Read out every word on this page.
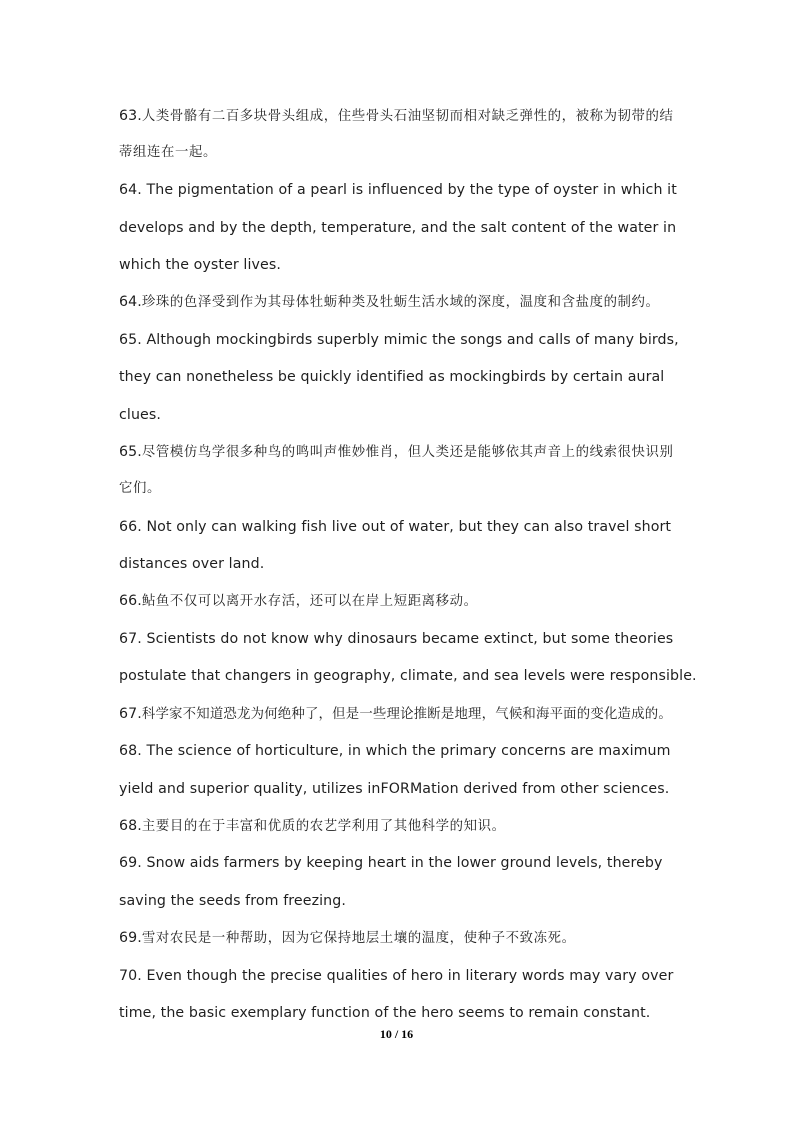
63.人类骨骼有二百多块骨头组成，住些骨头石油坚韧而相对缺乏弹性的，被称为韧带的结
蒂组连在一起。
64. The pigmentation of a pearl is influenced by the type of oyster in which it
develops and by the depth, temperature, and the salt content of the water in
which the oyster lives.
64.珍珠的色泽受到作为其母体牡蛎种类及牡蛎生活水域的深度，温度和含盐度的制约。
65. Although mockingbirds superbly mimic the songs and calls of many birds,
they can nonetheless be quickly identified as mockingbirds by certain aural
clues.
65.尽管模仿鸟学很多种鸟的鸣叫声惟妙惟肖，但人类还是能够依其声音上的线索很快识别
它们。
66. Not only can walking fish live out of water, but they can also travel short
distances over land.
66.鲇鱼不仅可以离开水存活，还可以在岸上短距离移动。
67. Scientists do not know why dinosaurs became extinct, but some theories
postulate that changers in geography, climate, and sea levels were responsible.
67.科学家不知道恐龙为何绝种了，但是一些理论推断是地理，气候和海平面的变化造成的。
68. The science of horticulture, in which the primary concerns are maximum
yield and superior quality, utilizes inFORMation derived from other sciences.
68.主要目的在于丰富和优质的农艺学利用了其他科学的知识。
69. Snow aids farmers by keeping heart in the lower ground levels, thereby
saving the seeds from freezing.
69.雪对农民是一种帮助，因为它保持地层土壤的温度，使种子不致冻死。
70. Even though the precise qualities of hero in literary words may vary over
time, the basic exemplary function of the hero seems to remain constant.
10 / 16
